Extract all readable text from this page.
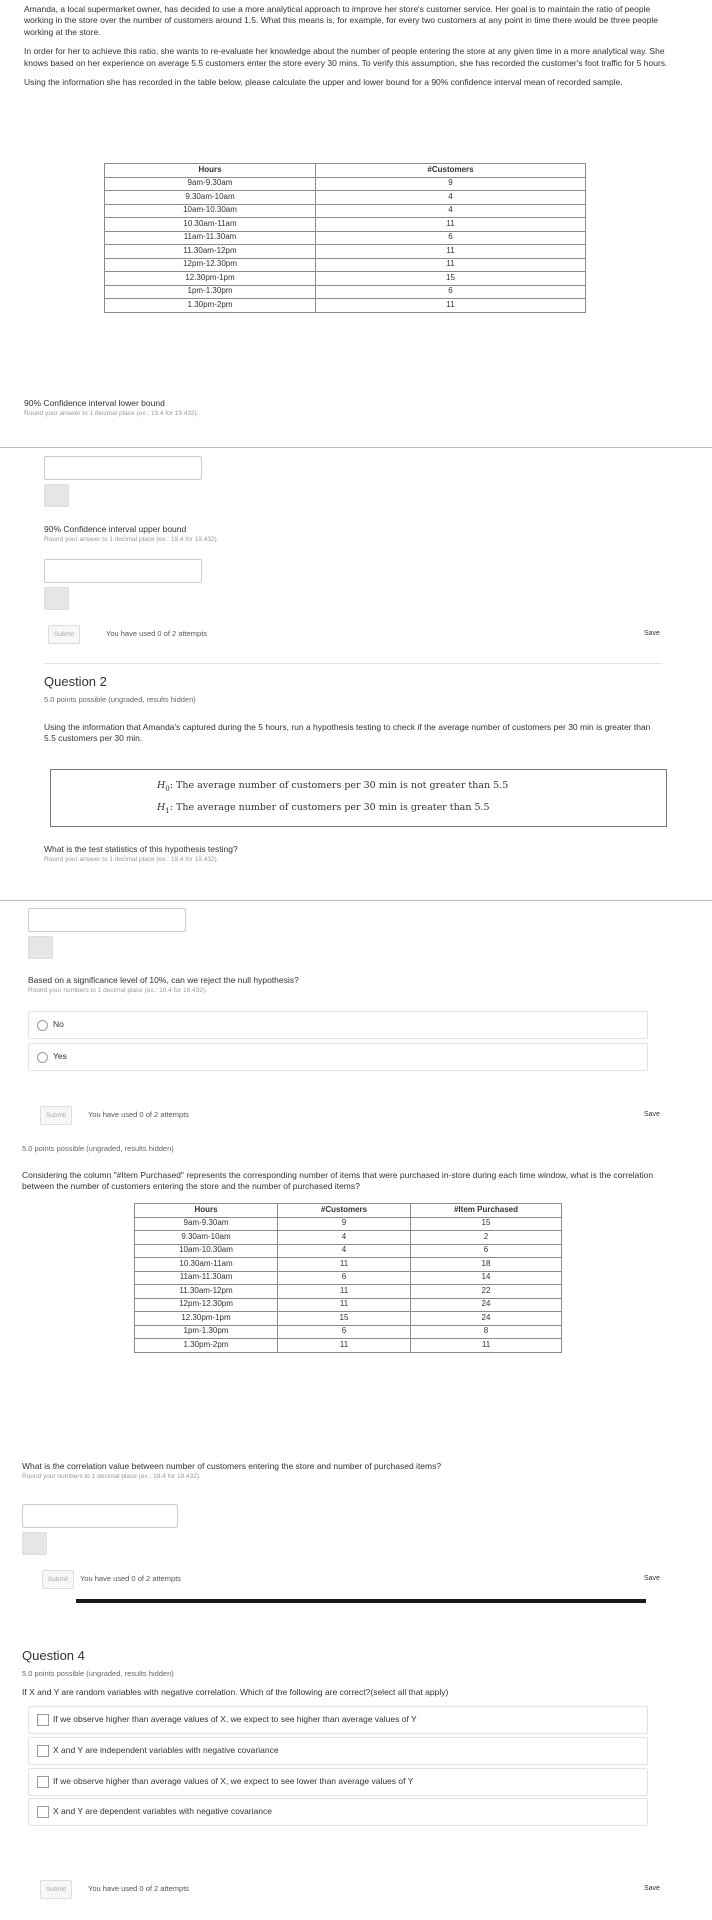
Amanda, a local supermarket owner, has decided to use a more analytical approach to improve her store's customer service. Her goal is to maintain the ratio of people working in the store over the number of customers around 1.5. What this means is, for example, for every two customers at any point in time there would be three people working at the store.

In order for her to achieve this ratio, she wants to re-evaluate her knowledge about the number of people entering the store at any given time in a more analytical way. She knows based on her experience on average 5.5 customers enter the store every 30 mins. To verify this assumption, she has recorded the customer's foot traffic for 5 hours.

Using the information she has recorded in the table below, please calculate the upper and lower bound for a 90% confidence interval mean of recorded sample.

Hours	#Customers
9am-9.30am	9
9.30am-10am	4
10am-10.30am	4
10.30am-11am	11
11am-11.30am	6
11.30am-12pm	11
12pm-12.30pm	11
12.30pm-1pm	15
1pm-1.30pm	6
1.30pm-2pm	11
90% Confidence interval lower bound
Round your answer to 1 decimal place (ex.: 19.4 for 19.432).
90% Confidence interval upper bound
Round your answer to 1 decimal place (ex.: 19.4 for 19.432).
Submit	You have used 0 of 2 attempts	Save
Question 2
5.0 points possible (ungraded, results hidden)
Using the information that Amanda's captured during the 5 hours, run a hypothesis testing to check if the average number of customers per 30 min is greater than 5.5 customers per 30 min.
$H_0$: The average number of customers per 30 min is not greater than 5.5
$H_1$: The average number of customers per 30 min is greater than 5.5
What is the test statistics of this hypothesis testing?
Round your answer to 1 decimal place (ex.: 19.4 for 19.432).
Based on a significance level of 10%, can we reject the null hypothesis?
Round your numbers to 1 decimal place (ex.: 19.4 for 19.432).
No
Yes
Submit	You have used 0 of 2 attempts	Save
5.0 points possible (ungraded, results hidden)
Considering the column "#Item Purchased" represents the corresponding number of items that were purchased in-store during each time window, what is the correlation between the number of customers entering the store and the number of purchased items?
Hours	#Customers	#Item Purchased
9am-9.30am	9	15
9.30am-10am	4	2
10am-10.30am	4	6
10.30am-11am	11	18
11am-11.30am	6	14
11.30am-12pm	11	22
12pm-12.30pm	11	24
12.30pm-1pm	15	24
1pm-1.30pm	6	8
1.30pm-2pm	11	11
What is the correlation value between number of customers entering the store and number of purchased items?
Round your numbers to 1 decimal place (ex.: 19.4 for 19.432).
Submit	You have used 0 of 2 attempts	Save
Question 4
5.0 points possible (ungraded, results hidden)
If X and Y are random variables with negative correlation. Which of the following are correct?(select all that apply)
If we observe higher than average values of X, we expect to see higher than average values of Y
X and Y are independent variables with negative covariance
If we observe higher than average values of X, we expect to see lower than average values of Y
X and Y are dependent variables with negative covariance
Submit	You have used 0 of 2 attempts	Save
